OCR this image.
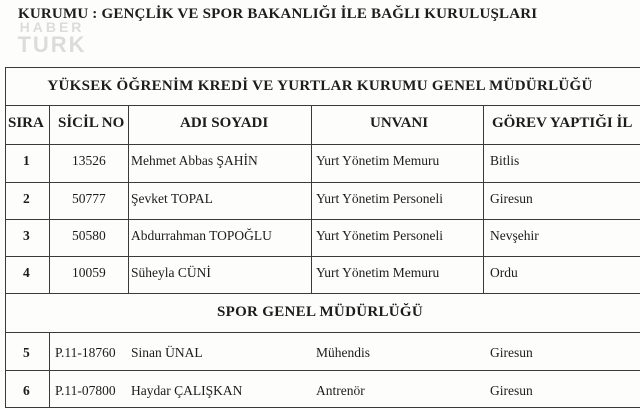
KURUMU : GENÇLİK VE SPOR BAKANLIĞI İLE BAĞLI KURULUŞLARI
HABER
TURK
YÜKSEK ÖĞRENİM KREDİ VE YURTLAR KURUMU GENEL MÜDÜRLÜĞÜ
SIRA SİCİL NO	ADI SOYADI	UNVANI	GÖREV YAPTIĞI İL
1	13526 Mehmet Abbas ŞAHİN	Yurt Yönetim Memuru	Bitlis
2	50777 Şevket TOPAL	Yurt Yönetim Personeli	Giresun
3	50580 Abdurrahman TOPOĞLU	Yurt Yönetim Personeli	Nevşehir
4	10059 Süheyla CÜNİ	Yurt Yönetim Memuru	Ordu
SPOR GENEL MÜDÜRLÜĞÜ
5 P.11-18760 Sinan ÜNAL	Mühendis	Giresun
6 P.11-07800 Haydar ÇALIŞKAN	Antrenör	Giresun
